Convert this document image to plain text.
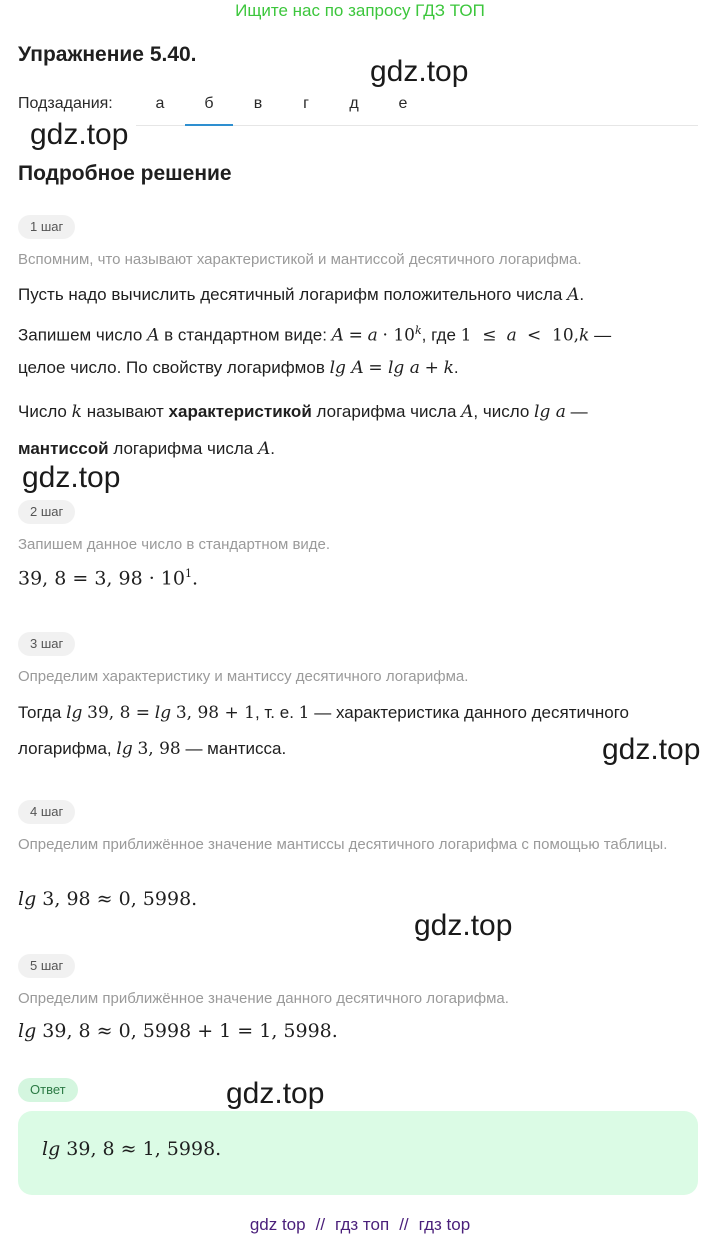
Ищите нас по запросу ГДЗ ТОП
Упражнение 5.40.
gdz.top
Подзадания:	а	б	в	г	д	е
gdz.top
Подробное решение
1 шаг
Вспомним, что называют характеристикой и мантиссой десятичного логарифма.
Пусть надо вычислить десятичный логарифм положительного числа A.
Запишем число A в стандартном виде: $A = a \cdot 10^k$, где 1  ≤  a  <  10,k —
целое число. По свойству логарифмов lg A = lg a + k.
Число k называют характеристикой логарифма числа A, число lg a —
мантиссой логарифма числа A.
gdz.top
2 шаг
Запишем данное число в стандартном виде.
39, 8 = 3, $98 \cdot 10^1$.
3 шаг
Определим характеристику и мантиссу десятичного логарифма.
Тогда lg 39, 8 = lg 3, 98 + 1, т. е. 1 — характеристика данного десятичного
логарифма, lg 3, 98 — мантисса.	gdz.top
4 шаг
Определим приближённое значение мантиссы десятичного логарифма с помощью таблицы.
lg 3, 98 ≈ 0, 5998.
gdz.top
5 шаг
Определим приближённое значение данного десятичного логарифма.
lg 39, 8 ≈ 0, 5998 + 1 = 1, 5998.
Ответ	gdz.top
lg 39, 8 ≈ 1, 5998.
gdz top // гдз топ // гдз top
